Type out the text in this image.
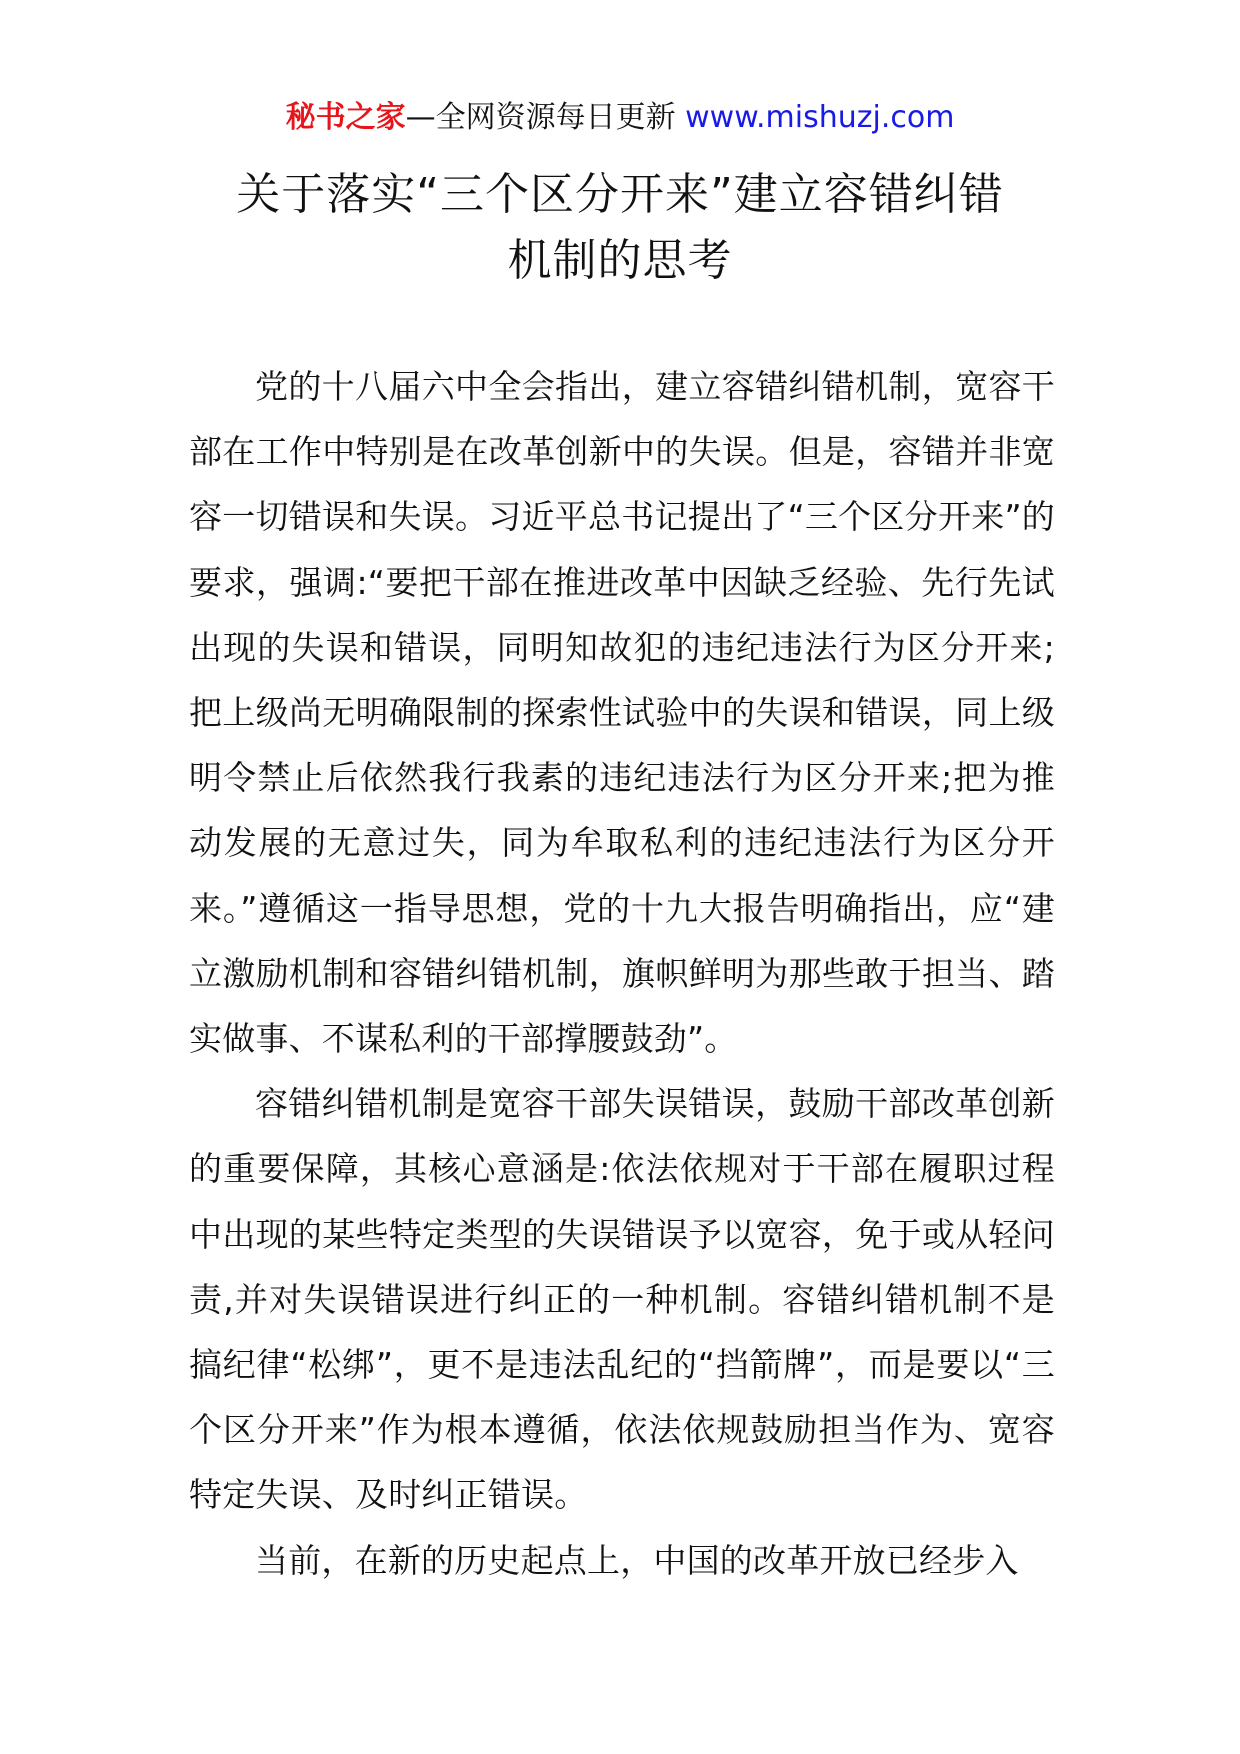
秘书之家—全网资源每日更新 www.mishuzj.com
关于落实“三个区分开来”建立容错纠错
机制的思考

党的十八届六中全会指出，建立容错纠错机制，宽容干部在工作中特别是在改革创新中的失误。但是，容错并非宽容一切错误和失误。习近平总书记提出了“三个区分开来”的要求，强调:“要把干部在推进改革中因缺乏经验、先行先试出现的失误和错误，同明知故犯的违纪违法行为区分开来;把上级尚无明确限制的探索性试验中的失误和错误，同上级明令禁止后依然我行我素的违纪违法行为区分开来;把为推动发展的无意过失，同为牟取私利的违纪违法行为区分开来。”遵循这一指导思想，党的十九大报告明确指出，应“建立激励机制和容错纠错机制，旗帜鲜明为那些敢于担当、踏实做事、不谋私利的干部撑腰鼓劲”。

容错纠错机制是宽容干部失误错误，鼓励干部改革创新的重要保障，其核心意涵是:依法依规对于干部在履职过程中出现的某些特定类型的失误错误予以宽容，免于或从轻问责,并对失误错误进行纠正的一种机制。容错纠错机制不是搞纪律“松绑”，更不是违法乱纪的“挡箭牌”，而是要以“三个区分开来”作为根本遵循，依法依规鼓励担当作为、宽容特定失误、及时纠正错误。

当前，在新的历史起点上，中国的改革开放已经步入
